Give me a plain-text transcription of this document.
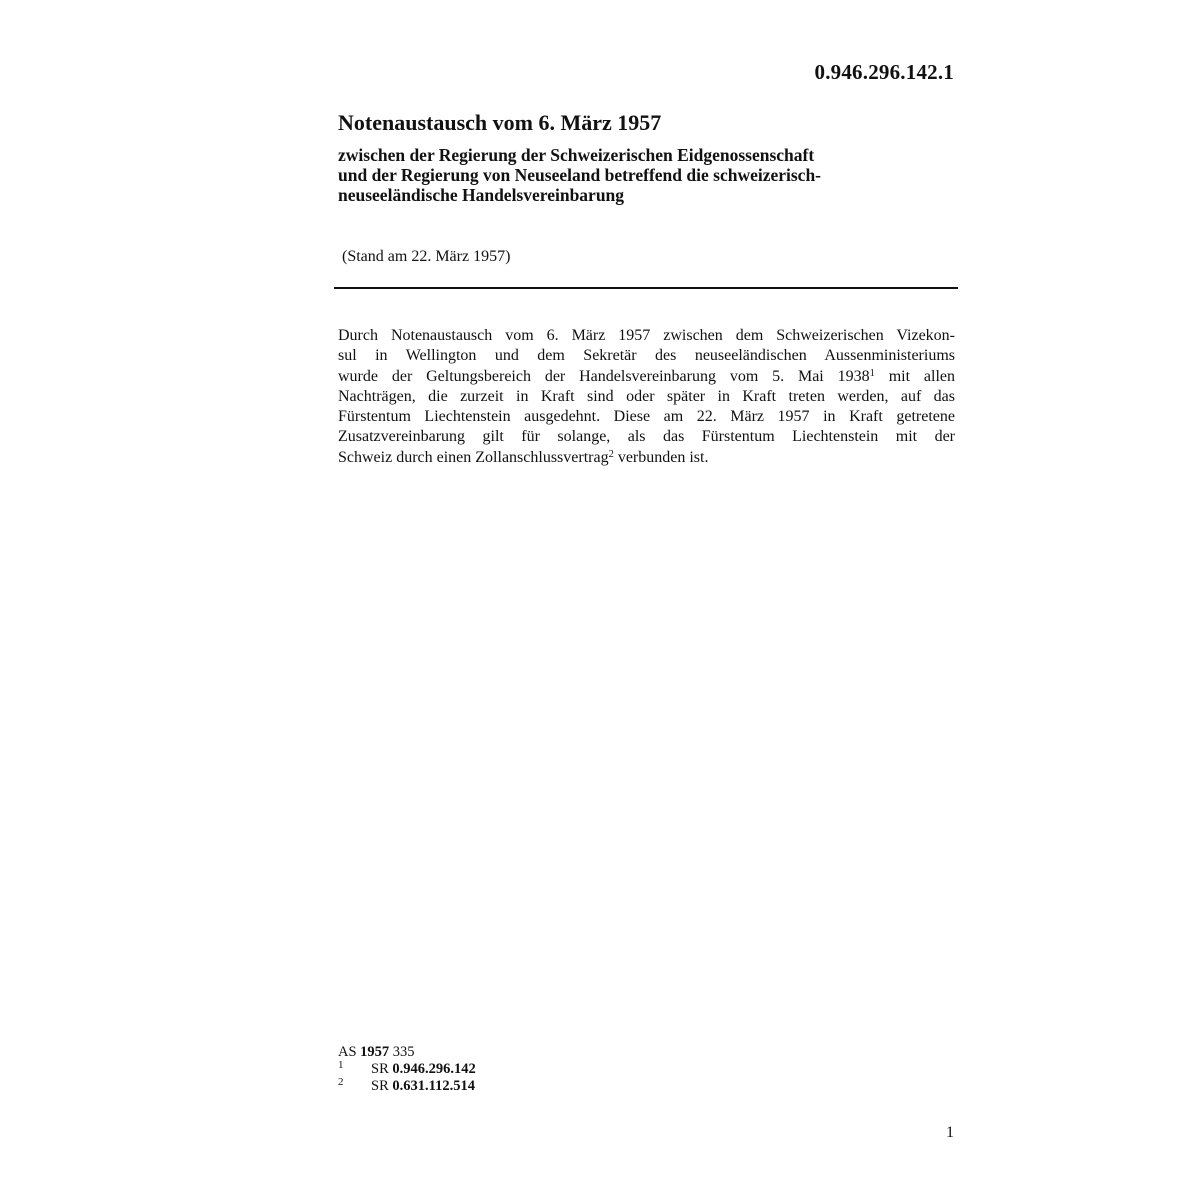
0.946.296.142.1

Notenaustausch vom 6. März 1957

zwischen der Regierung der Schweizerischen Eidgenossenschaft
und der Regierung von Neuseeland betreffend die schweizerisch-
neuseeländische Handelsvereinbarung

(Stand am 22. März 1957)

Durch Notenaustausch vom 6. März 1957 zwischen dem Schweizerischen Vizekon-
sul in Wellington und dem Sekretär des neuseeländischen Aussenministeriums
wurde der Geltungsbereich der Handelsvereinbarung vom 5. Mai 1938$^1$ mit allen
Nachträgen, die zurzeit in Kraft sind oder später in Kraft treten werden, auf das
Fürstentum Liechtenstein ausgedehnt. Diese am 22. März 1957 in Kraft getretene
Zusatzvereinbarung gilt für solange, als das Fürstentum Liechtenstein mit der
Schweiz durch einen Zollanschlussvertrag$^2$ verbunden ist.
AS 1957 335
1 SR 0.946.296.142
2 SR 0.631.112.514

1
